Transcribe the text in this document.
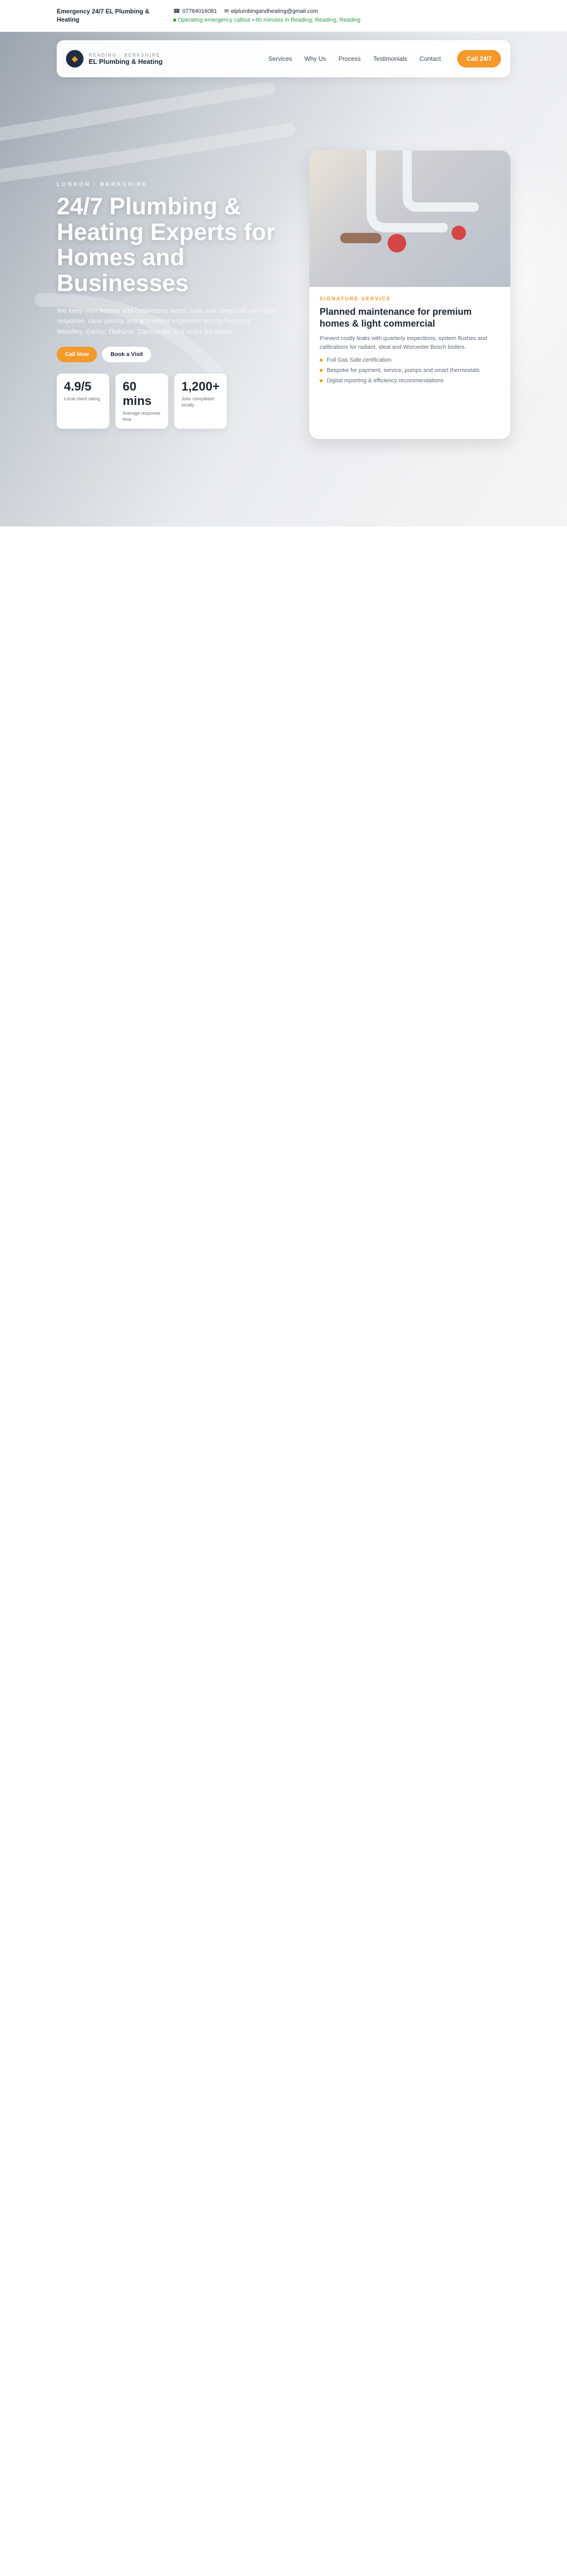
Emergency 24/7 EL Plumbing &
Heating
☎ 07784016081 ✉ elplumbingandheating@gmail.com
Operating emergency callout • 60 minutes in Reading, Reading, Reading
◆	READING · BERKSHIRE
EL Plumbing & Heating	Services Why Us Process Testimonials Contact	Call 24/7
LONDON · BERKSHIRE
24/7 Plumbing & Heating Experts for Homes and Businesses

We keep your homes and businesses warm, safe and compliant with rapid response, clear pricing and accredited engineers across Reading, Woodley, Earley, Tilehurst, Caversham and wider Berkshire.

Call Now	Book a Visit
4.9/5
Local client rating
60 mins
Average response time
1,200+
Jobs completed locally
SIGNATURE SERVICE
Planned maintenance for premium homes & light commercial
Prevent costly leaks with quarterly inspections, system flushes and calibrations for radiant, ideal and Worcester Bosch boilers.
Full Gas Safe certification
Bespoke for payment, service, pumps and smart thermostats
Digital reporting & efficiency recommendations
